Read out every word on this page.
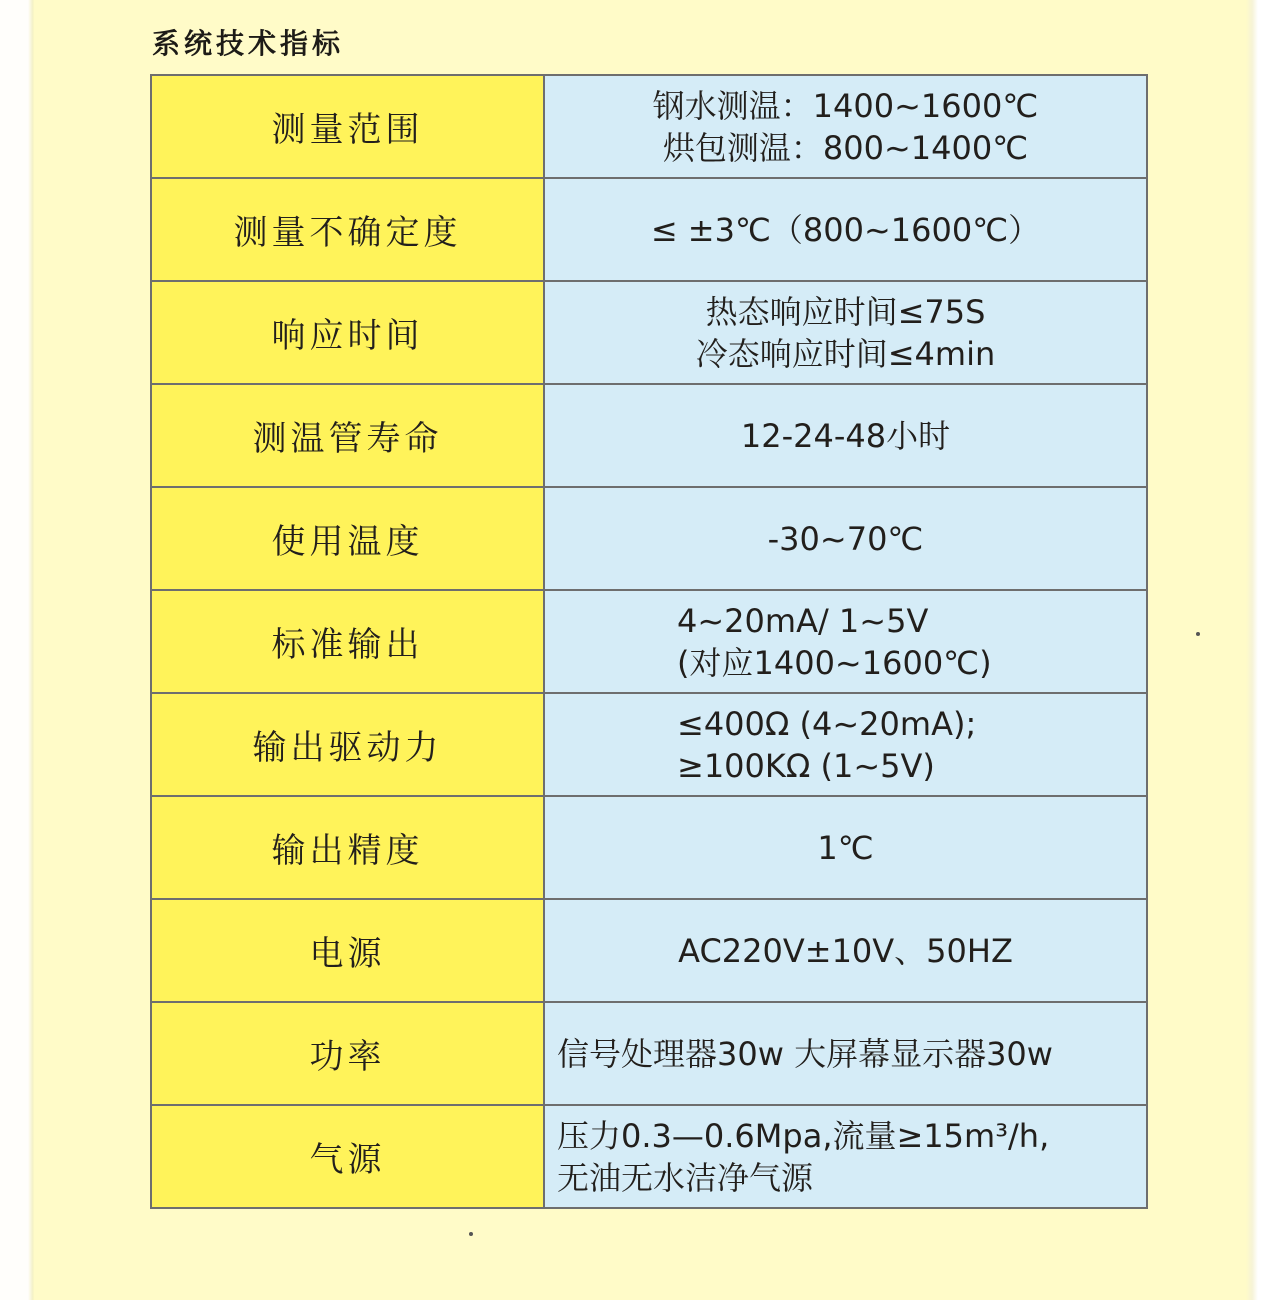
系统技术指标
测量范围	钢水测温：1400~1600℃
烘包测温：800~1400℃

测量不确定度	≤ ±3℃（800~1600℃）

响应时间	热态响应时间≤75S
冷态响应时间≤4min

测温管寿命	12-24-48小时

使用温度	-30~70℃

标准输出	4~20mA/ 1~5V
(对应1400~1600℃)

输出驱动力	≤400Ω (4~20mA);
≥100KΩ (1~5V)

输出精度	1℃

电源	AC220V±10V、50HZ

功率	信号处理器30w 大屏幕显示器30w

气源	压力0.3—0.6Mpa,流量≥15m³/h,
无油无水洁净气源
